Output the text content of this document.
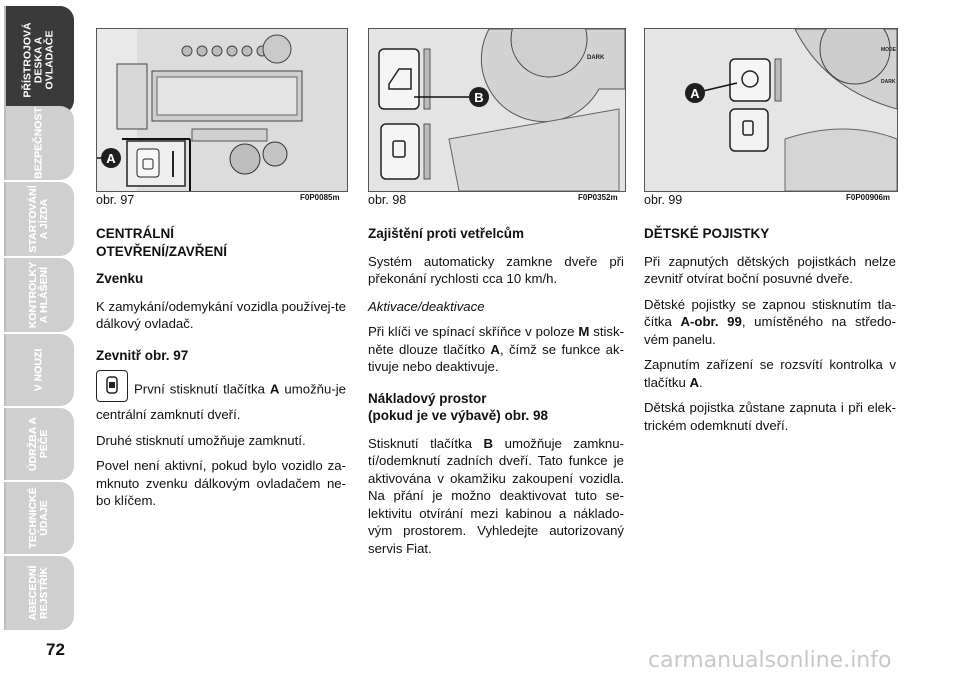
PŘÍSTROJOVÁ
DESKA A
OVLADAČE
BEZPEČNOST
STARTOVÁNÍ
A JÍZDA
KONTROLKY
A HLÁŠENÍ
V NOUZI
ÚDRŽBA A
PÉČE
TECHNICKÉ
ÚDAJE
ABECEDNÍ
REJSTŘÍK
72
A
obr. 97	F0P0085m
DARK
B
obr. 98	F0P0352m
MODE
DARK
A
obr. 99	F0P00906m
CENTRÁLNÍ
OTEVŘENÍ/ZAVŘENÍ
Zvenku

K zamykání/odemykání vozidla používej-te dálkový ovladač.

Zevnitř obr. 97

První stisknutí tlačítka A umožňu-je centrální zamknutí dveří.

Druhé stisknutí umožňuje zamknutí.

Povel není aktivní, pokud bylo vozidlo za-mknuto zvenku dálkovým ovladačem ne-bo klíčem.

Zajištění proti vetřelcům

Systém automaticky zamkne dveře při překonání rychlosti cca 10 km/h.

Aktivace/deaktivace

Při klíči ve spínací skříňce v poloze M stisk-něte dlouze tlačítko A, čímž se funkce ak-tivuje nebo deaktivuje.

Nákladový prostor
(pokud je ve výbavě) obr. 98

Stisknutí tlačítka B umožňuje zamknu-tí/odemknutí zadních dveří. Tato funkce je aktivována v okamžiku zakoupení vozidla. Na přání je možno deaktivovat tuto se-lektivitu otvírání mezi kabinou a náklado-vým prostorem. Vyhledejte autorizovaný servis Fiat.

DĚTSKÉ POJISTKY

Při zapnutých dětských pojistkách nelze zevnitř otvírat boční posuvné dveře.

Dětské pojistky se zapnou stisknutím tla-čítka A-obr. 99, umístěného na středo-vém panelu.

Zapnutím zařízení se rozsvítí kontrolka v tlačítku A.

Dětská pojistka zůstane zapnuta i při elek-trickém odemknutí dveří.

carmanualsonline.info
